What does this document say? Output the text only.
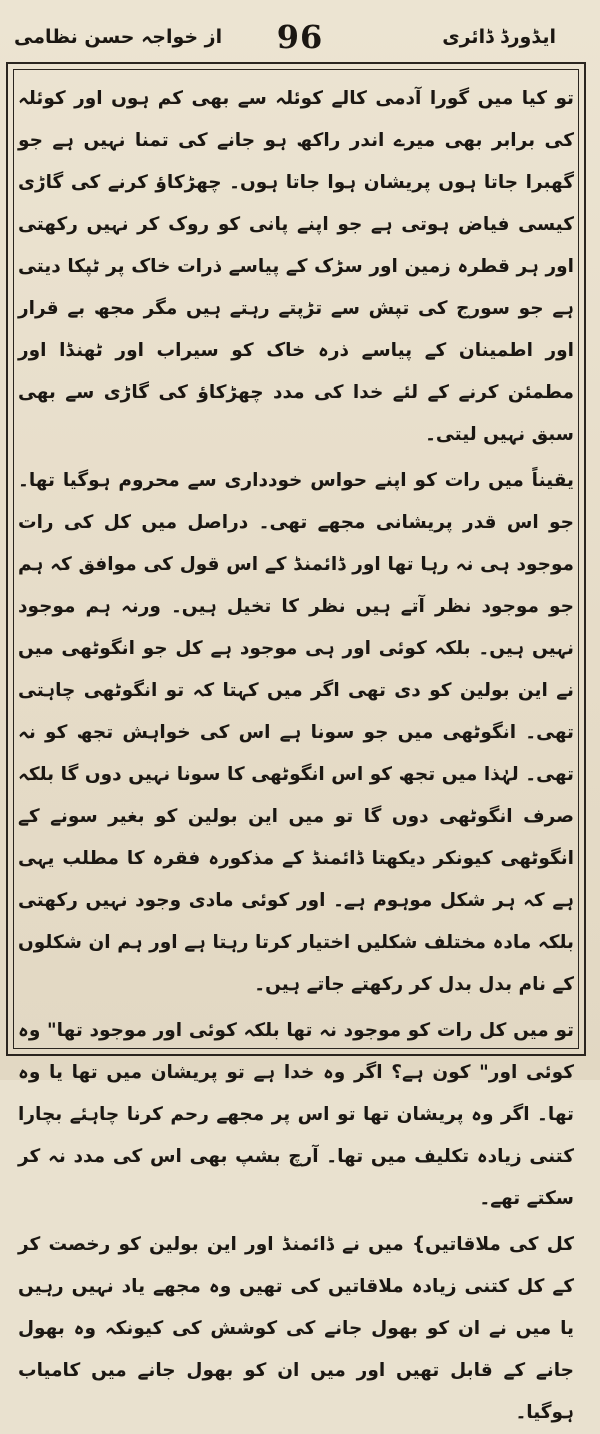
ایڈورڈ ڈائری
96
از خواجہ حسن نظامی

تو کیا میں گورا آدمی کالے کوئلہ سے بھی کم ہوں اور کوئلہ کی برابر بھی میرے اندر راکھ ہو جانے کی تمنا نہیں ہے جو گھبرا جاتا ہوں پریشان ہوا جاتا ہوں۔ چھڑکاؤ کرنے کی گاڑی کیسی فیاض ہوتی ہے جو اپنے پانی کو روک کر نہیں رکھتی اور ہر قطرہ زمین اور سڑک کے پیاسے ذرات خاک پر ٹپکا دیتی ہے جو سورج کی تپش سے تڑپتے رہتے ہیں مگر مجھ بے قرار اور اطمینان کے پیاسے ذرہ خاک کو سیراب اور ٹھنڈا اور مطمئن کرنے کے لئے خدا کی مدد چھڑکاؤ کی گاڑی سے بھی سبق نہیں لیتی۔

یقیناً میں رات کو اپنے حواس خودداری سے محروم ہوگیا تھا۔ جو اس قدر پریشانی مجھے تھی۔ دراصل میں کل کی رات موجود ہی نہ رہا تھا اور ڈائمنڈ کے اس قول کی موافق کہ ہم جو موجود نظر آتے ہیں نظر کا تخیل ہیں۔ ورنہ ہم موجود نہیں ہیں۔ بلکہ کوئی اور ہی موجود ہے کل جو انگوٹھی میں نے این بولین کو دی تھی اگر میں کہتا کہ تو انگوٹھی چاہتی تھی۔ انگوٹھی میں جو سونا ہے اس کی خواہش تجھ کو نہ تھی۔ لہٰذا میں تجھ کو اس انگوٹھی کا سونا نہیں دوں گا بلکہ صرف انگوٹھی دوں گا تو میں این بولین کو بغیر سونے کے انگوٹھی کیونکر دیکھتا ڈائمنڈ کے مذکورہ فقرہ کا مطلب یہی ہے کہ ہر شکل موہوم ہے۔ اور کوئی مادی وجود نہیں رکھتی بلکہ مادہ مختلف شکلیں اختیار کرتا رہتا ہے اور ہم ان شکلوں کے نام بدل بدل کر رکھتے جاتے ہیں۔

تو میں کل رات کو موجود نہ تھا بلکہ کوئی اور موجود تھا" وہ کوئی اور" کون ہے؟ اگر وہ خدا ہے تو پریشان میں تھا یا وہ تھا۔ اگر وہ پریشان تھا تو اس پر مجھے رحم کرنا چاہئے بچارا کتنی زیادہ تکلیف میں تھا۔ آرچ بشپ بھی اس کی مدد نہ کر سکتے تھے۔

کل کی ملاقاتیں} میں نے ڈائمنڈ اور این بولین کو رخصت کر کے کل کتنی زیادہ ملاقاتیں کی تھیں وہ مجھے یاد نہیں رہیں یا میں نے ان کو بھول جانے کی کوشش کی کیونکہ وہ بھول جانے کے قابل تھیں اور میں ان کو بھول جانے میں کامیاب ہوگیا۔
